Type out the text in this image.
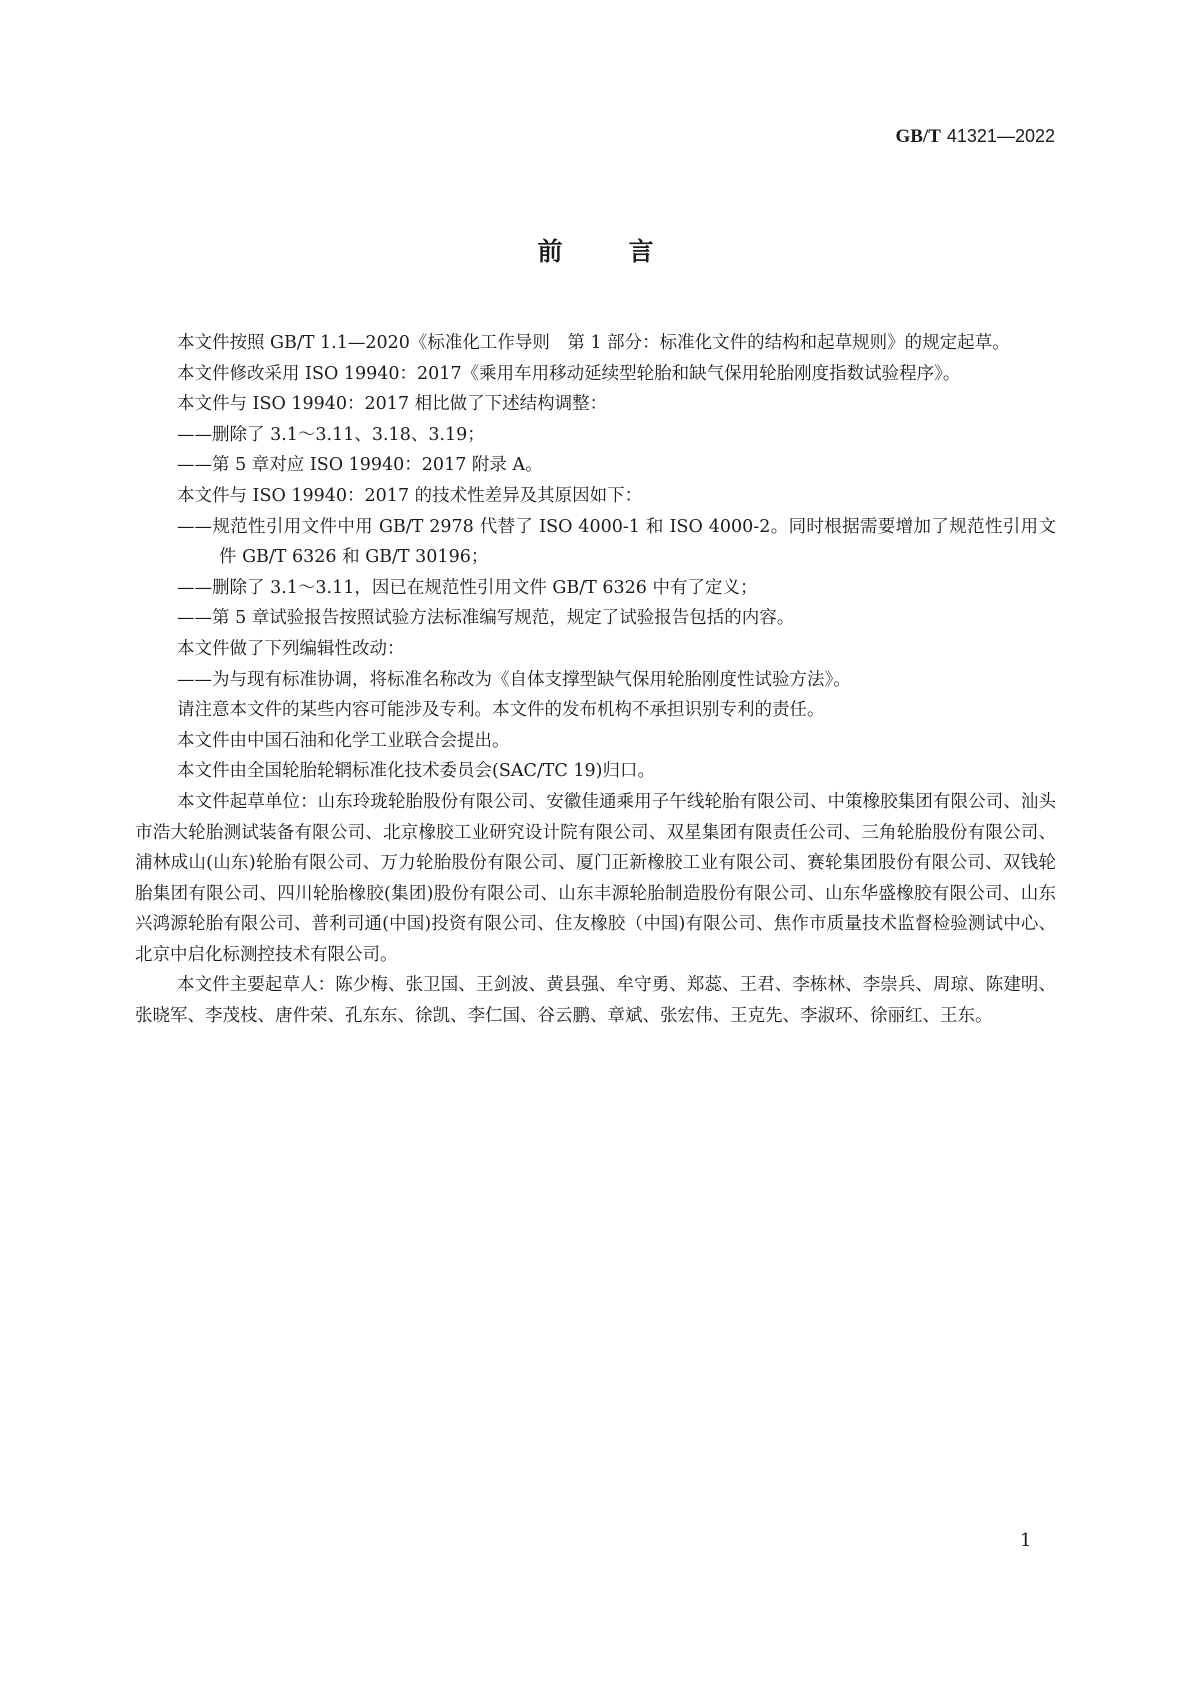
GB/T 41321—2022
前	言

本文件按照 GB/T 1.1—2020《标准化工作导则　第 1 部分：标准化文件的结构和起草规则》的规定起草。

本文件修改采用 ISO 19940：2017《乘用车用移动延续型轮胎和缺气保用轮胎刚度指数试验程序》。

本文件与 ISO 19940：2017 相比做了下述结构调整：

——删除了 3.1～3.11、3.18、3.19；

——第 5 章对应 ISO 19940：2017 附录 A。

本文件与 ISO 19940：2017 的技术性差异及其原因如下：

——规范性引用文件中用 GB/T 2978 代替了 ISO 4000-1 和 ISO 4000-2。同时根据需要增加了规范性引用文件 GB/T 6326 和 GB/T 30196；

——删除了 3.1～3.11，因已在规范性引用文件 GB/T 6326 中有了定义；

——第 5 章试验报告按照试验方法标准编写规范，规定了试验报告包括的内容。

本文件做了下列编辑性改动：

——为与现有标准协调，将标准名称改为《自体支撑型缺气保用轮胎刚度性试验方法》。

请注意本文件的某些内容可能涉及专利。本文件的发布机构不承担识别专利的责任。

本文件由中国石油和化学工业联合会提出。

本文件由全国轮胎轮辋标准化技术委员会(SAC/TC 19)归口。

本文件起草单位：山东玲珑轮胎股份有限公司、安徽佳通乘用子午线轮胎有限公司、中策橡胶集团有限公司、汕头市浩大轮胎测试装备有限公司、北京橡胶工业研究设计院有限公司、双星集团有限责任公司、三角轮胎股份有限公司、浦林成山(山东)轮胎有限公司、万力轮胎股份有限公司、厦门正新橡胶工业有限公司、赛轮集团股份有限公司、双钱轮胎集团有限公司、四川轮胎橡胶(集团)股份有限公司、山东丰源轮胎制造股份有限公司、山东华盛橡胶有限公司、山东兴鸿源轮胎有限公司、普利司通(中国)投资有限公司、住友橡胶（中国)有限公司、焦作市质量技术监督检验测试中心、北京中启化标测控技术有限公司。

本文件主要起草人：陈少梅、张卫国、王剑波、黄县强、牟守勇、郑蕊、王君、李栋林、李崇兵、周琼、陈建明、张晓军、李茂枝、唐件荣、孔东东、徐凯、李仁国、谷云鹏、章斌、张宏伟、王克先、李淑环、徐丽红、王东。

1
